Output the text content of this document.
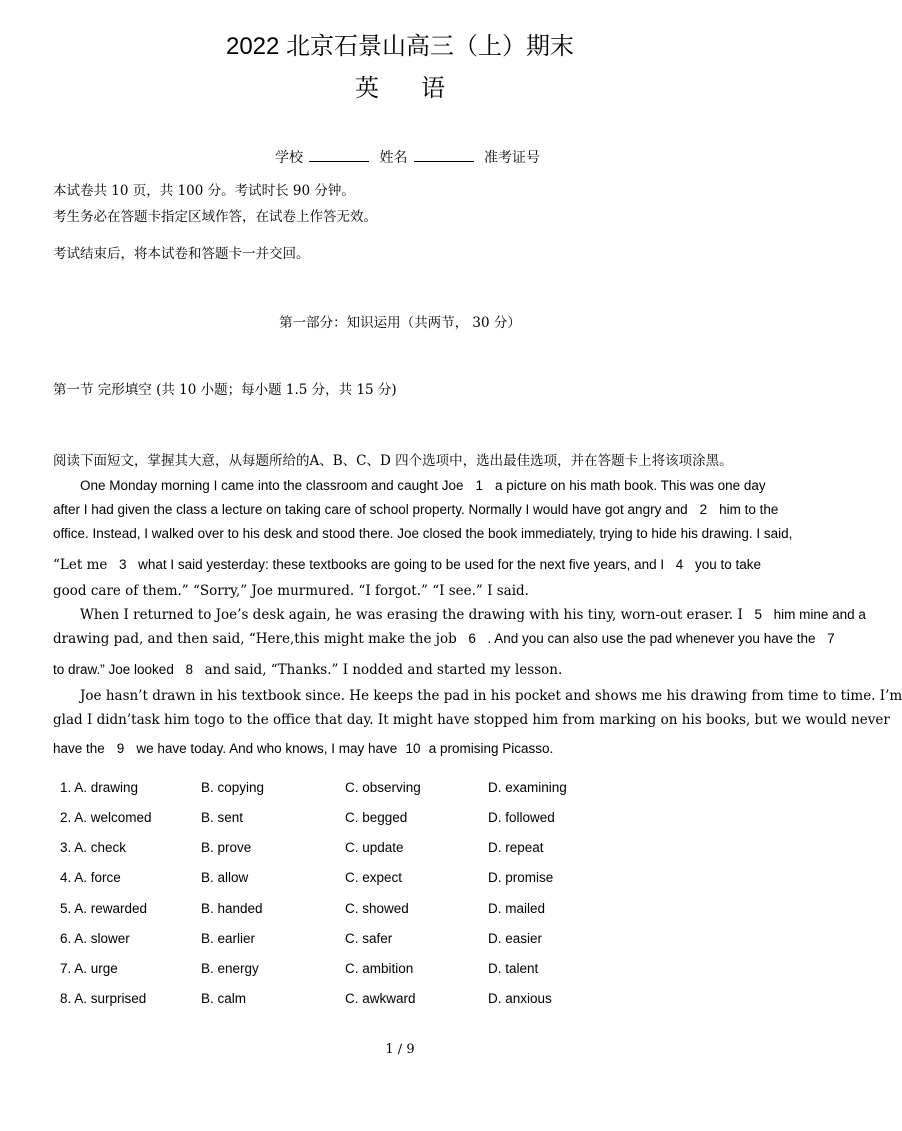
2022 北京石景山高三（上）期末
英语
学校	姓名	准考证号

本试卷共 10 页，共 100 分。考试时长 90 分钟。

考生务必在答题卡指定区域作答，在试卷上作答无效。

考试结束后，将本试卷和答题卡一并交回。

第一部分：知识运用（共两节， 30 分）

第一节 完形填空 (共 10 小题；每小题 1.5 分，共 15 分)

阅读下面短文，掌握其大意，从每题所给的A、B、C、D 四个选项中，选出最佳选项，并在答题卡上将该项涂黑。

One Monday morning I came into the classroom and caught Joe 1 a picture on his math book. This was one day
after I had given the class a lecture on taking care of school property. Normally I would have got angry and 2 him to the
office. Instead, I walked over to his desk and stood there. Joe closed the book immediately, trying to hide his drawing. I said,
“Let me 3 what I said yesterday: these textbooks are going to be used for the next five years, and I 4 you to take
good care of them.” “Sorry,” Joe murmured. “I forgot.” “I see.” I said.
When I returned to Joe’s desk again, he was erasing the drawing with his tiny, worn-out eraser. I 5 him mine and a
drawing pad, and then said, “Here,this might make the job 6 . And you can also use the pad whenever you have the 7
to draw.” Joe looked 8 and said, “Thanks.” I nodded and started my lesson.
Joe hasn’t drawn in his textbook since. He keeps the pad in his pocket and shows me his drawing from time to time. I’m
glad I didn’task him togo to the office that day. It might have stopped him from marking on his books, but we would never
have the 9 we have today. And who knows, I may have 10 a promising Picasso.
1. A. drawing	B. copying	C. observing	D. examining
2. A. welcomed	B. sent	C. begged	D. followed
3. A. check	B. prove	C. update	D. repeat
4. A. force	B. allow	C. expect	D. promise
5. A. rewarded	B. handed	C. showed	D. mailed
6. A. slower	B. earlier	C. safer	D. easier
7. A. urge	B. energy	C. ambition	D. talent
8. A. surprised	B. calm	C. awkward	D. anxious

1 / 9
